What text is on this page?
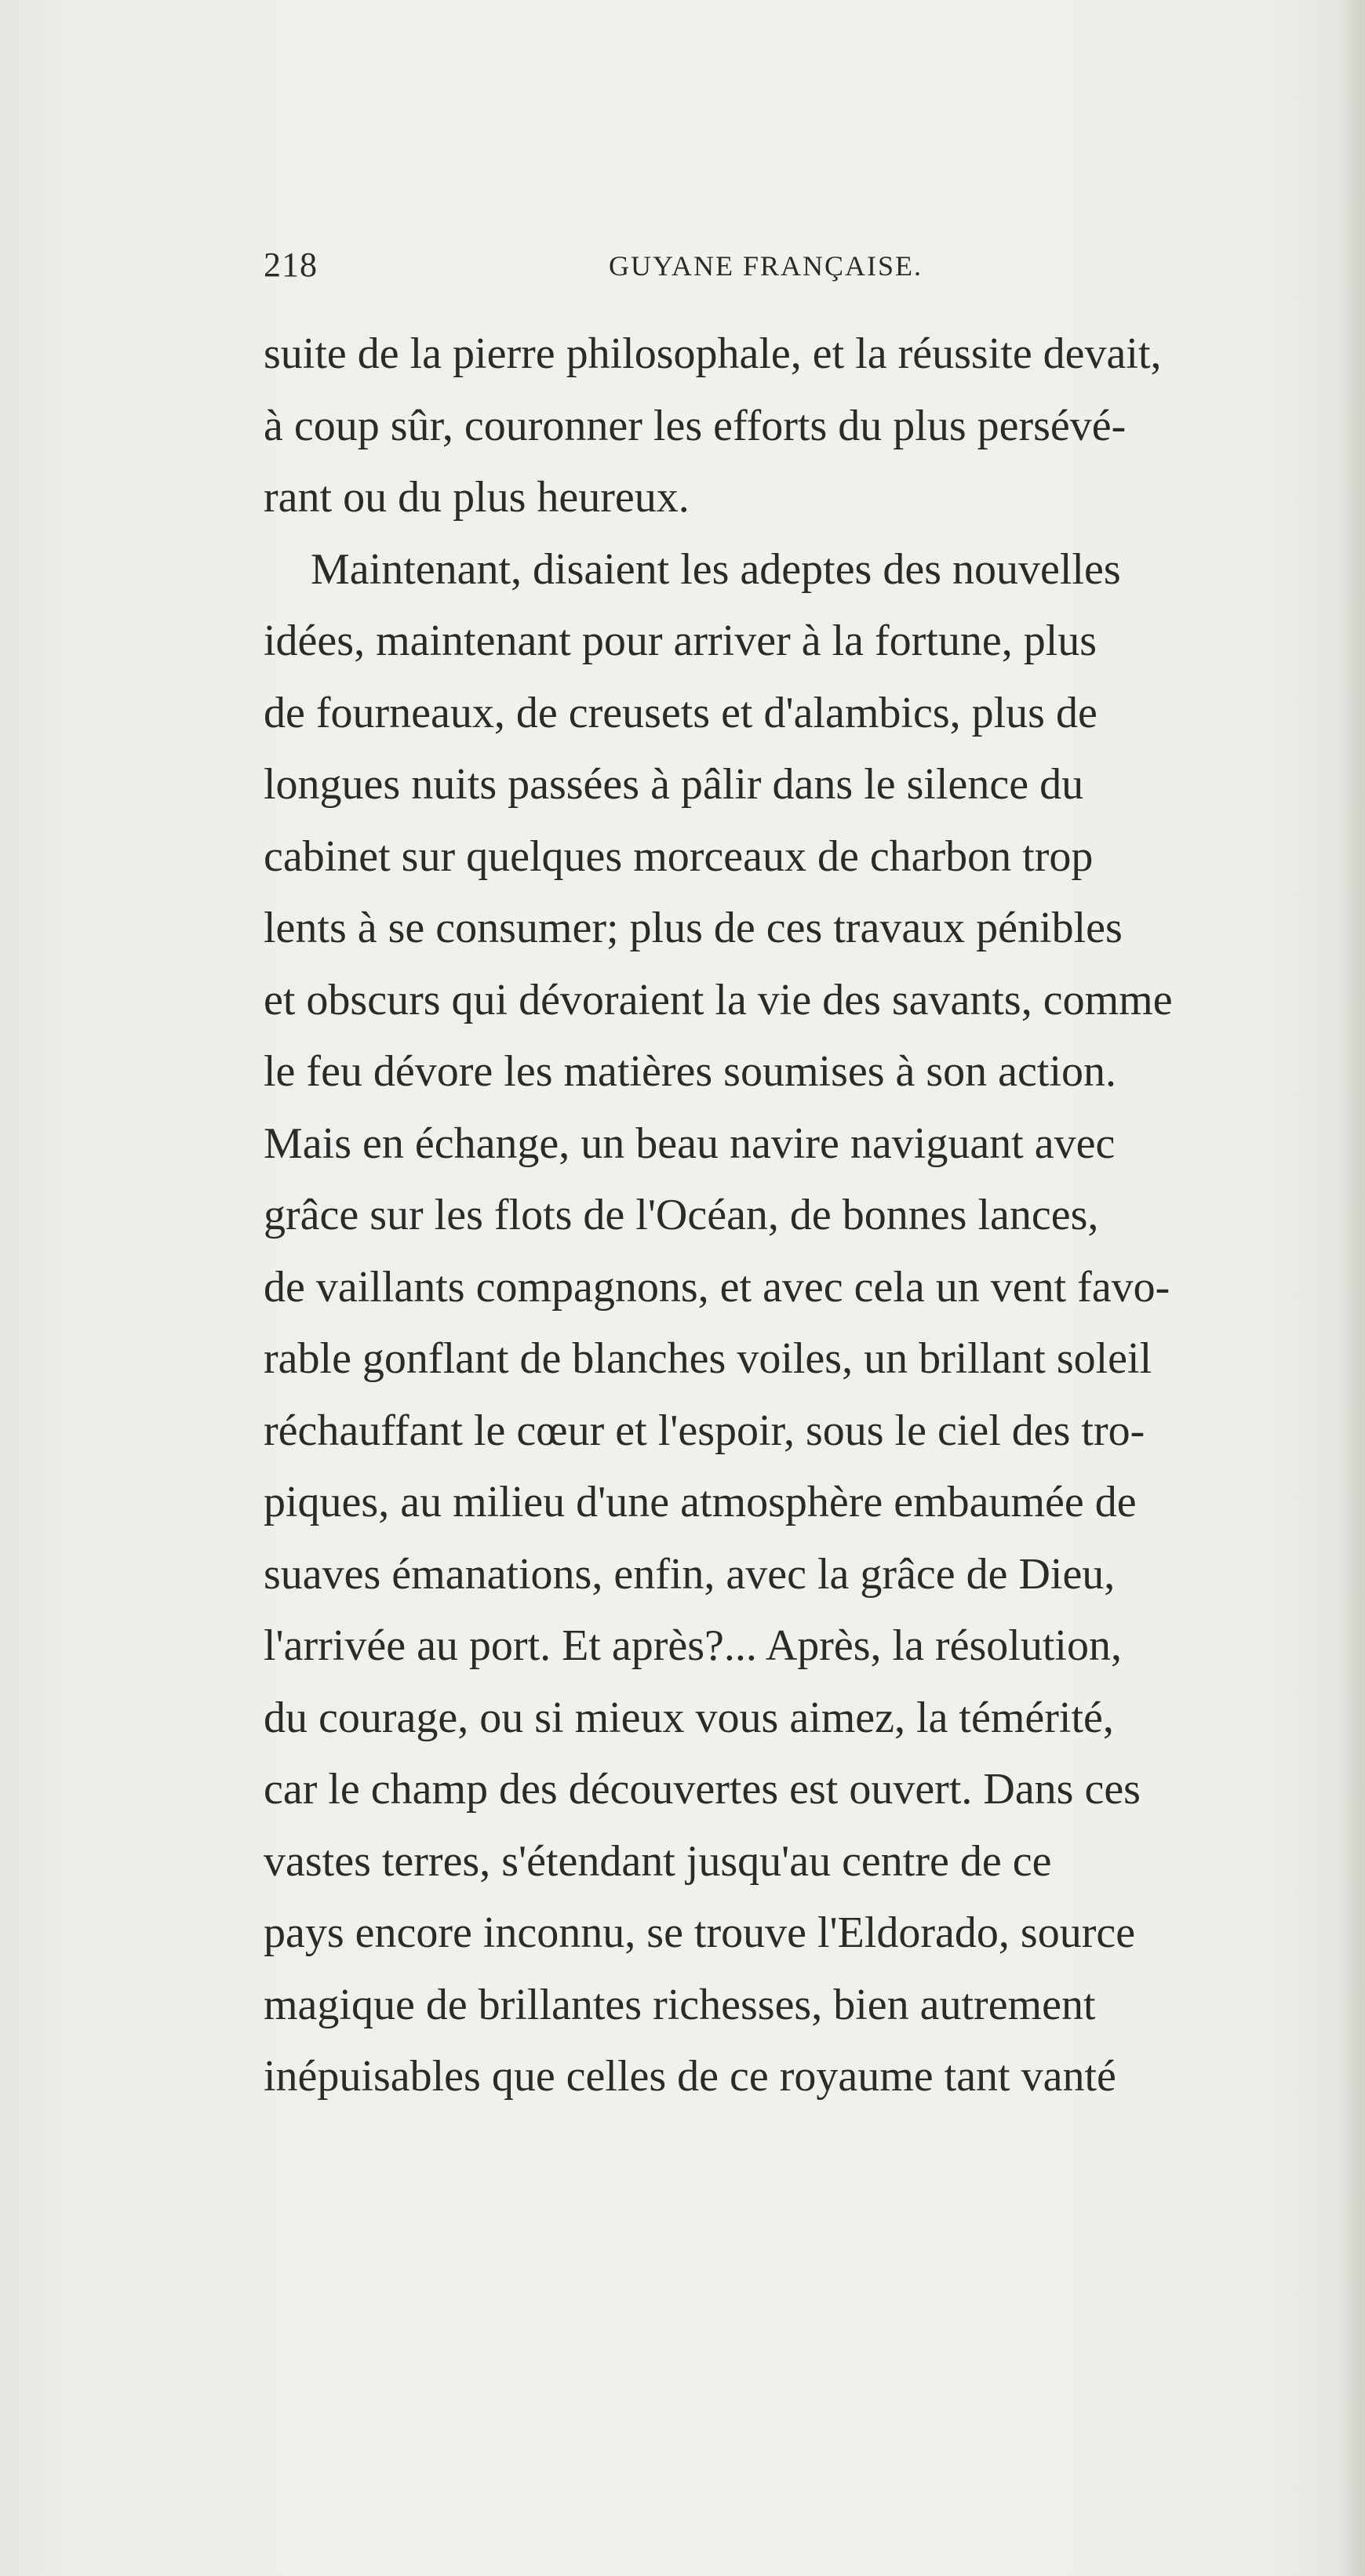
218	GUYANE FRANÇAISE.
suite de la pierre philosophale, et la réussite devait,
à coup sûr, couronner les efforts du plus persévé-
rant ou du plus heureux.
Maintenant, disaient les adeptes des nouvelles
idées, maintenant pour arriver à la fortune, plus
de fourneaux, de creusets et d'alambics, plus de
longues nuits passées à pâlir dans le silence du
cabinet sur quelques morceaux de charbon trop
lents à se consumer; plus de ces travaux pénibles
et obscurs qui dévoraient la vie des savants, comme
le feu dévore les matières soumises à son action.
Mais en échange, un beau navire naviguant avec
grâce sur les flots de l'Océan, de bonnes lances,
de vaillants compagnons, et avec cela un vent favo-
rable gonflant de blanches voiles, un brillant soleil
réchauffant le cœur et l'espoir, sous le ciel des tro-
piques, au milieu d'une atmosphère embaumée de
suaves émanations, enfin, avec la grâce de Dieu,
l'arrivée au port. Et après?... Après, la résolution,
du courage, ou si mieux vous aimez, la témérité,
car le champ des découvertes est ouvert. Dans ces
vastes terres, s'étendant jusqu'au centre de ce
pays encore inconnu, se trouve l'Eldorado, source
magique de brillantes richesses, bien autrement
inépuisables que celles de ce royaume tant vanté
